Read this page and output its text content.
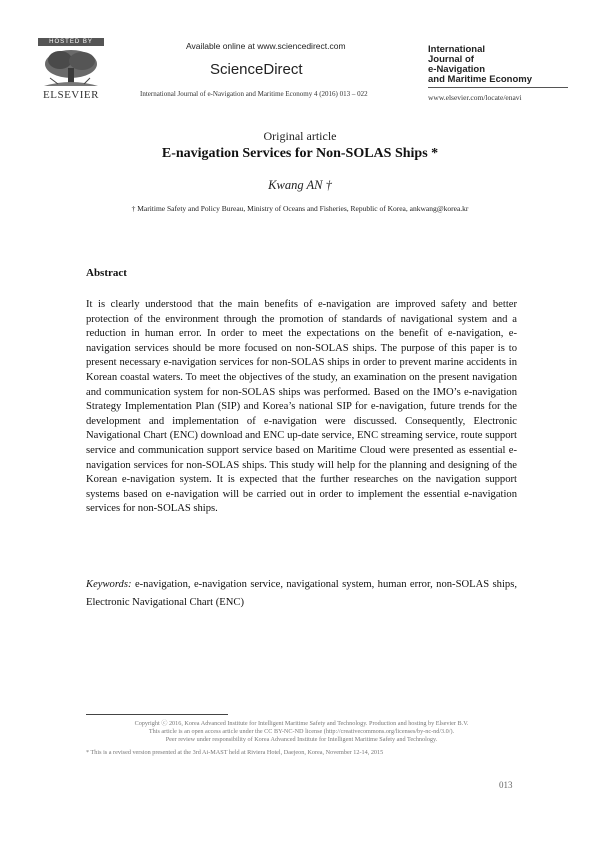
HOSTED BY
ELSEVIER
Available online at www.sciencedirect.com
ScienceDirect
International Journal of e-Navigation and Maritime Economy 4 (2016) 013 – 022
International
Journal of
e-Navigation
and Maritime Economy
www.elsevier.com/locate/enavi
Original article
E-navigation Services for Non-SOLAS Ships *
Kwang AN †
† Maritime Safety and Policy Bureau, Ministry of Oceans and Fisheries, Republic of Korea, ankwang@korea.kr
Abstract
It is clearly understood that the main benefits of e-navigation are improved safety and better protection of the environment through the promotion of standards of navigational system and a reduction in human error. In order to meet the expectations on the benefit of e-navigation, e-navigation services should be more focused on non-SOLAS ships. The purpose of this paper is to present necessary e-navigation services for non-SOLAS ships in order to prevent marine accidents in Korean coastal waters. To meet the objectives of the study, an examination on the present navigation and communication system for non-SOLAS ships was performed. Based on the IMO’s e-navigation Strategy Implementation Plan (SIP) and Korea’s national SIP for e-navigation, future trends for the development and implementation of e-navigation were discussed. Consequently, Electronic Navigational Chart (ENC) download and ENC up-date service, ENC streaming service, route support service and communication support service based on Maritime Cloud were presented as essential e-navigation services for non-SOLAS ships. This study will help for the planning and designing of the Korean e-navigation system. It is expected that the further researches on the navigation support systems based on e-navigation will be carried out in order to implement the essential e-navigation services for non-SOLAS ships.
Keywords: e-navigation, e-navigation service, navigational system, human error, non-SOLAS ships, Electronic Navigational Chart (ENC)
Copyright ⓒ 2016, Korea Advanced Institute for Intelligent Maritime Safety and Technology. Production and hosting by Elsevier B.V.
This article is an open access article under the CC BY-NC-ND license (http://creativecommons.org/licenses/by-nc-nd/3.0/).
Peer review under responsibility of Korea Advanced Institute for Intelligent Maritime Safety and Technology.
* This is a revised version presented at the 3rd Ai-MAST held at Riviera Hotel, Daejeon, Korea, November 12-14, 2015
013
